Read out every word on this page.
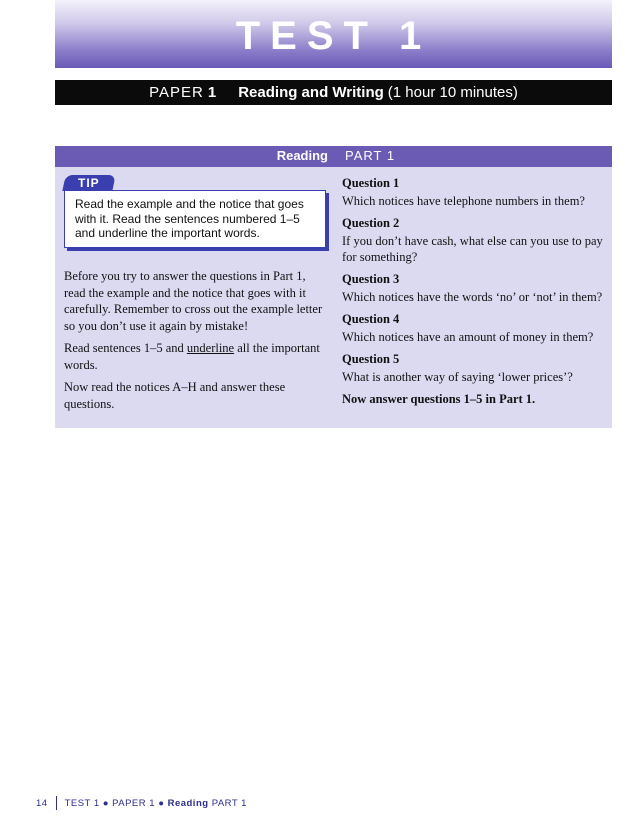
TEST 1
PAPER 1 Reading and Writing (1 hour 10 minutes)
Reading PART 1
TIP
Read the example and the notice that goes
with it. Read the sentences numbered 1–5
and underline the important words.

Before you try to answer the questions in Part 1,
read the example and the notice that goes with it
carefully. Remember to cross out the example letter
so you don’t use it again by mistake!

Read sentences 1–5 and underline all the important
words.

Now read the notices A–H and answer these
questions.

Question 1
Which notices have telephone numbers in them?
Question 2
If you don’t have cash, what else can you use to pay
for something?
Question 3
Which notices have the words ‘no’ or ‘not’ in them?
Question 4
Which notices have an amount of money in them?
Question 5
What is another way of saying ‘lower prices’?
Now answer questions 1–5 in Part 1.
14 TEST 1 ● PAPER 1 ●
Reading
PART 1
